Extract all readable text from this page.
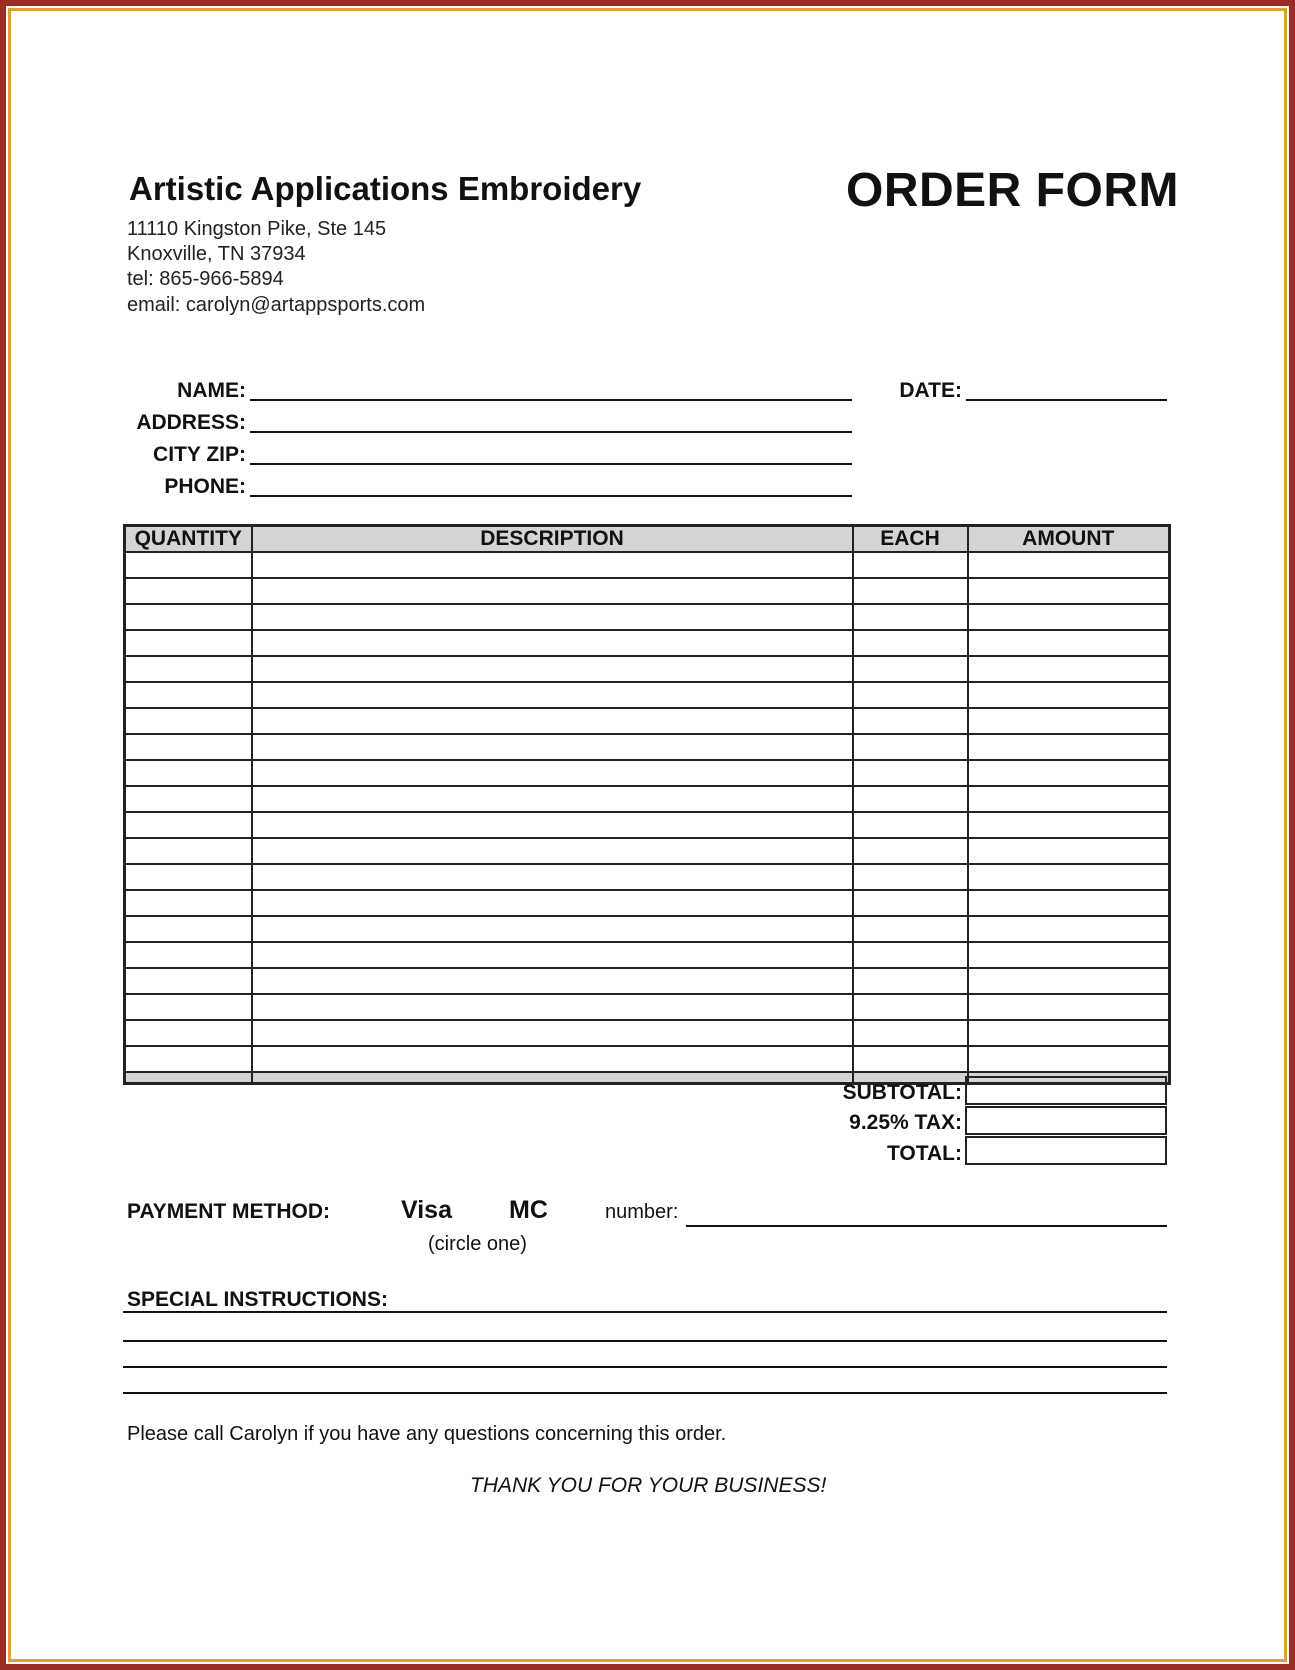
Artistic Applications Embroidery	ORDER FORM
11110 Kingston Pike, Ste 145
Knoxville, TN 37934
tel: 865-966-5894
email: carolyn@artappsports.com
NAME:
ADDRESS:
CITY ZIP:
PHONE:
DATE:
QUANTITY	DESCRIPTION	EACH	AMOUNT

SUBTOTAL:
9.25% TAX:
TOTAL:
PAYMENT METHOD:	Visa MC
(circle one)
number:
SPECIAL INSTRUCTIONS:
Please call Carolyn if you have any questions concerning this order.
THANK YOU FOR YOUR BUSINESS!
